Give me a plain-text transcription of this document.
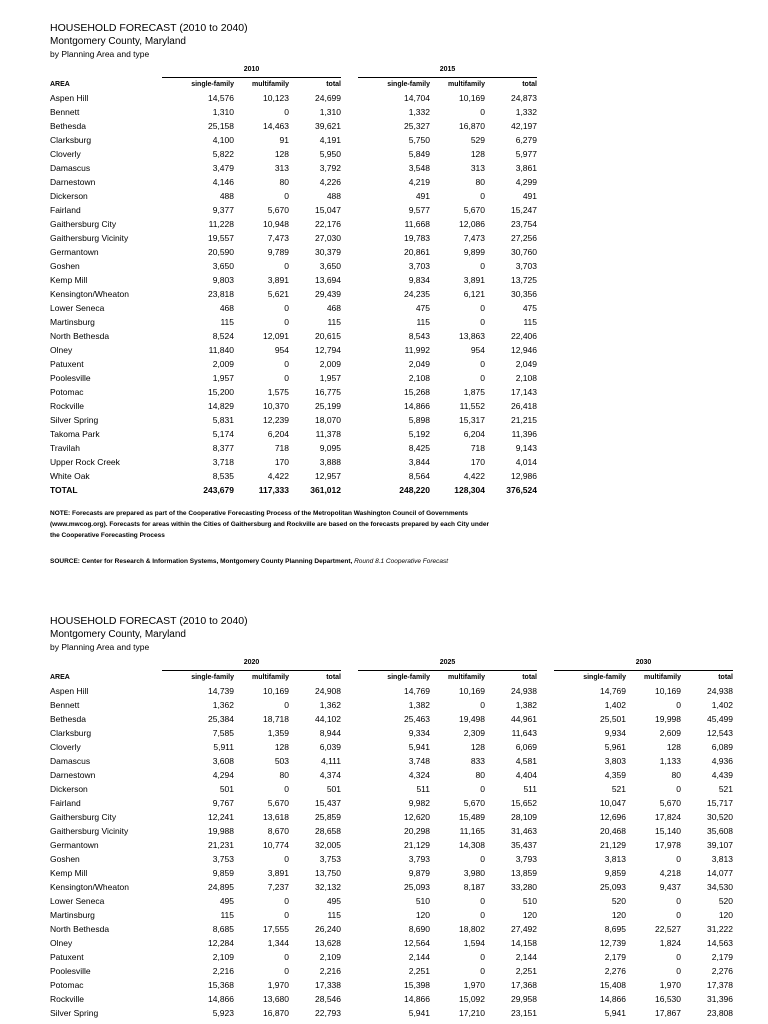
HOUSEHOLD FORECAST (2010 to 2040)
Montgomery County, Maryland
by Planning Area and type
	2010				2015		
AREA	single-family	multifamily	total		single-family	multifamily	total
Aspen Hill	14,576	10,123	24,699		14,704	10,169	24,873
Bennett	1,310	0	1,310		1,332	0	1,332
Bethesda	25,158	14,463	39,621		25,327	16,870	42,197
Clarksburg	4,100	91	4,191		5,750	529	6,279
Cloverly	5,822	128	5,950		5,849	128	5,977
Damascus	3,479	313	3,792		3,548	313	3,861
Darnestown	4,146	80	4,226		4,219	80	4,299
Dickerson	488	0	488		491	0	491
Fairland	9,377	5,670	15,047		9,577	5,670	15,247
Gaithersburg City	11,228	10,948	22,176		11,668	12,086	23,754
Gaithersburg Vicinity	19,557	7,473	27,030		19,783	7,473	27,256
Germantown	20,590	9,789	30,379		20,861	9,899	30,760
Goshen	3,650	0	3,650		3,703	0	3,703
Kemp Mill	9,803	3,891	13,694		9,834	3,891	13,725
Kensington/Wheaton	23,818	5,621	29,439		24,235	6,121	30,356
Lower Seneca	468	0	468		475	0	475
Martinsburg	115	0	115		115	0	115
North Bethesda	8,524	12,091	20,615		8,543	13,863	22,406
Olney	11,840	954	12,794		11,992	954	12,946
Patuxent	2,009	0	2,009		2,049	0	2,049
Poolesville	1,957	0	1,957		2,108	0	2,108
Potomac	15,200	1,575	16,775		15,268	1,875	17,143
Rockville	14,829	10,370	25,199		14,866	11,552	26,418
Silver Spring	5,831	12,239	18,070		5,898	15,317	21,215
Takoma Park	5,174	6,204	11,378		5,192	6,204	11,396
Travilah	8,377	718	9,095		8,425	718	9,143
Upper Rock Creek	3,718	170	3,888		3,844	170	4,014
White Oak	8,535	4,422	12,957		8,564	4,422	12,986
TOTAL	243,679	117,333	361,012		248,220	128,304	376,524
NOTE: Forecasts are prepared as part of the Cooperative Forecasting Process of the Metropolitan Washington Council of Governments (www.mwcog.org). Forecasts for areas within the Cities of Gaithersburg and Rockville are based on the forecasts prepared by each City under the Cooperative Forecasting Process
SOURCE: Center for Research & Information Systems, Montgomery County Planning Department, Round 8.1 Cooperative Forecast
HOUSEHOLD FORECAST (2010 to 2040)
Montgomery County, Maryland
by Planning Area and type
	2020				2025				2030		
AREA	single-family	multifamily	total		single-family	multifamily	total		single-family	multifamily	total
Aspen Hill	14,739	10,169	24,908		14,769	10,169	24,938		14,769	10,169	24,938
Bennett	1,362	0	1,362		1,382	0	1,382		1,402	0	1,402
Bethesda	25,384	18,718	44,102		25,463	19,498	44,961		25,501	19,998	45,499
Clarksburg	7,585	1,359	8,944		9,334	2,309	11,643		9,934	2,609	12,543
Cloverly	5,911	128	6,039		5,941	128	6,069		5,961	128	6,089
Damascus	3,608	503	4,111		3,748	833	4,581		3,803	1,133	4,936
Darnestown	4,294	80	4,374		4,324	80	4,404		4,359	80	4,439
Dickerson	501	0	501		511	0	511		521	0	521
Fairland	9,767	5,670	15,437		9,982	5,670	15,652		10,047	5,670	15,717
Gaithersburg City	12,241	13,618	25,859		12,620	15,489	28,109		12,696	17,824	30,520
Gaithersburg Vicinity	19,988	8,670	28,658		20,298	11,165	31,463		20,468	15,140	35,608
Germantown	21,231	10,774	32,005		21,129	14,308	35,437		21,129	17,978	39,107
Goshen	3,753	0	3,753		3,793	0	3,793		3,813	0	3,813
Kemp Mill	9,859	3,891	13,750		9,879	3,980	13,859		9,859	4,218	14,077
Kensington/Wheaton	24,895	7,237	32,132		25,093	8,187	33,280		25,093	9,437	34,530
Lower Seneca	495	0	495		510	0	510		520	0	520
Martinsburg	115	0	115		120	0	120		120	0	120
North Bethesda	8,685	17,555	26,240		8,690	18,802	27,492		8,695	22,527	31,222
Olney	12,284	1,344	13,628		12,564	1,594	14,158		12,739	1,824	14,563
Patuxent	2,109	0	2,109		2,144	0	2,144		2,179	0	2,179
Poolesville	2,216	0	2,216		2,251	0	2,251		2,276	0	2,276
Potomac	15,368	1,970	17,338		15,398	1,970	17,368		15,408	1,970	17,378
Rockville	14,866	13,680	28,546		14,866	15,092	29,958		14,866	16,530	31,396
Silver Spring	5,923	16,870	22,793		5,941	17,210	23,151		5,941	17,867	23,808
